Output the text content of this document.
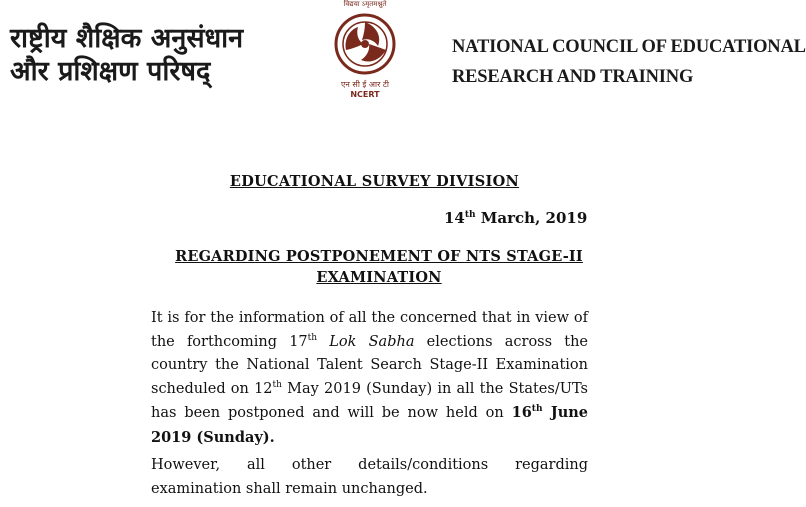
राष्ट्रीय शैक्षिक अनुसंधान
और प्रशिक्षण परिषद्
विद्यया ऽमृतमश्नुते
एन सी ई आर टी
NCERT
NATIONAL COUNCIL OF EDUCATIONAL
RESEARCH AND TRAINING
EDUCATIONAL SURVEY DIVISION
14th March, 2019
REGARDING POSTPONEMENT OF NTS STAGE-II
EXAMINATION
It is for the information of all the concerned that in view of the forthcoming 17th Lok Sabha elections across the country the National Talent Search Stage-II Examination scheduled on 12th May 2019 (Sunday) in all the States/UTs has been postponed and will be now held on 16th June 2019 (Sunday).
However, all other details/conditions regarding examination shall remain unchanged.
